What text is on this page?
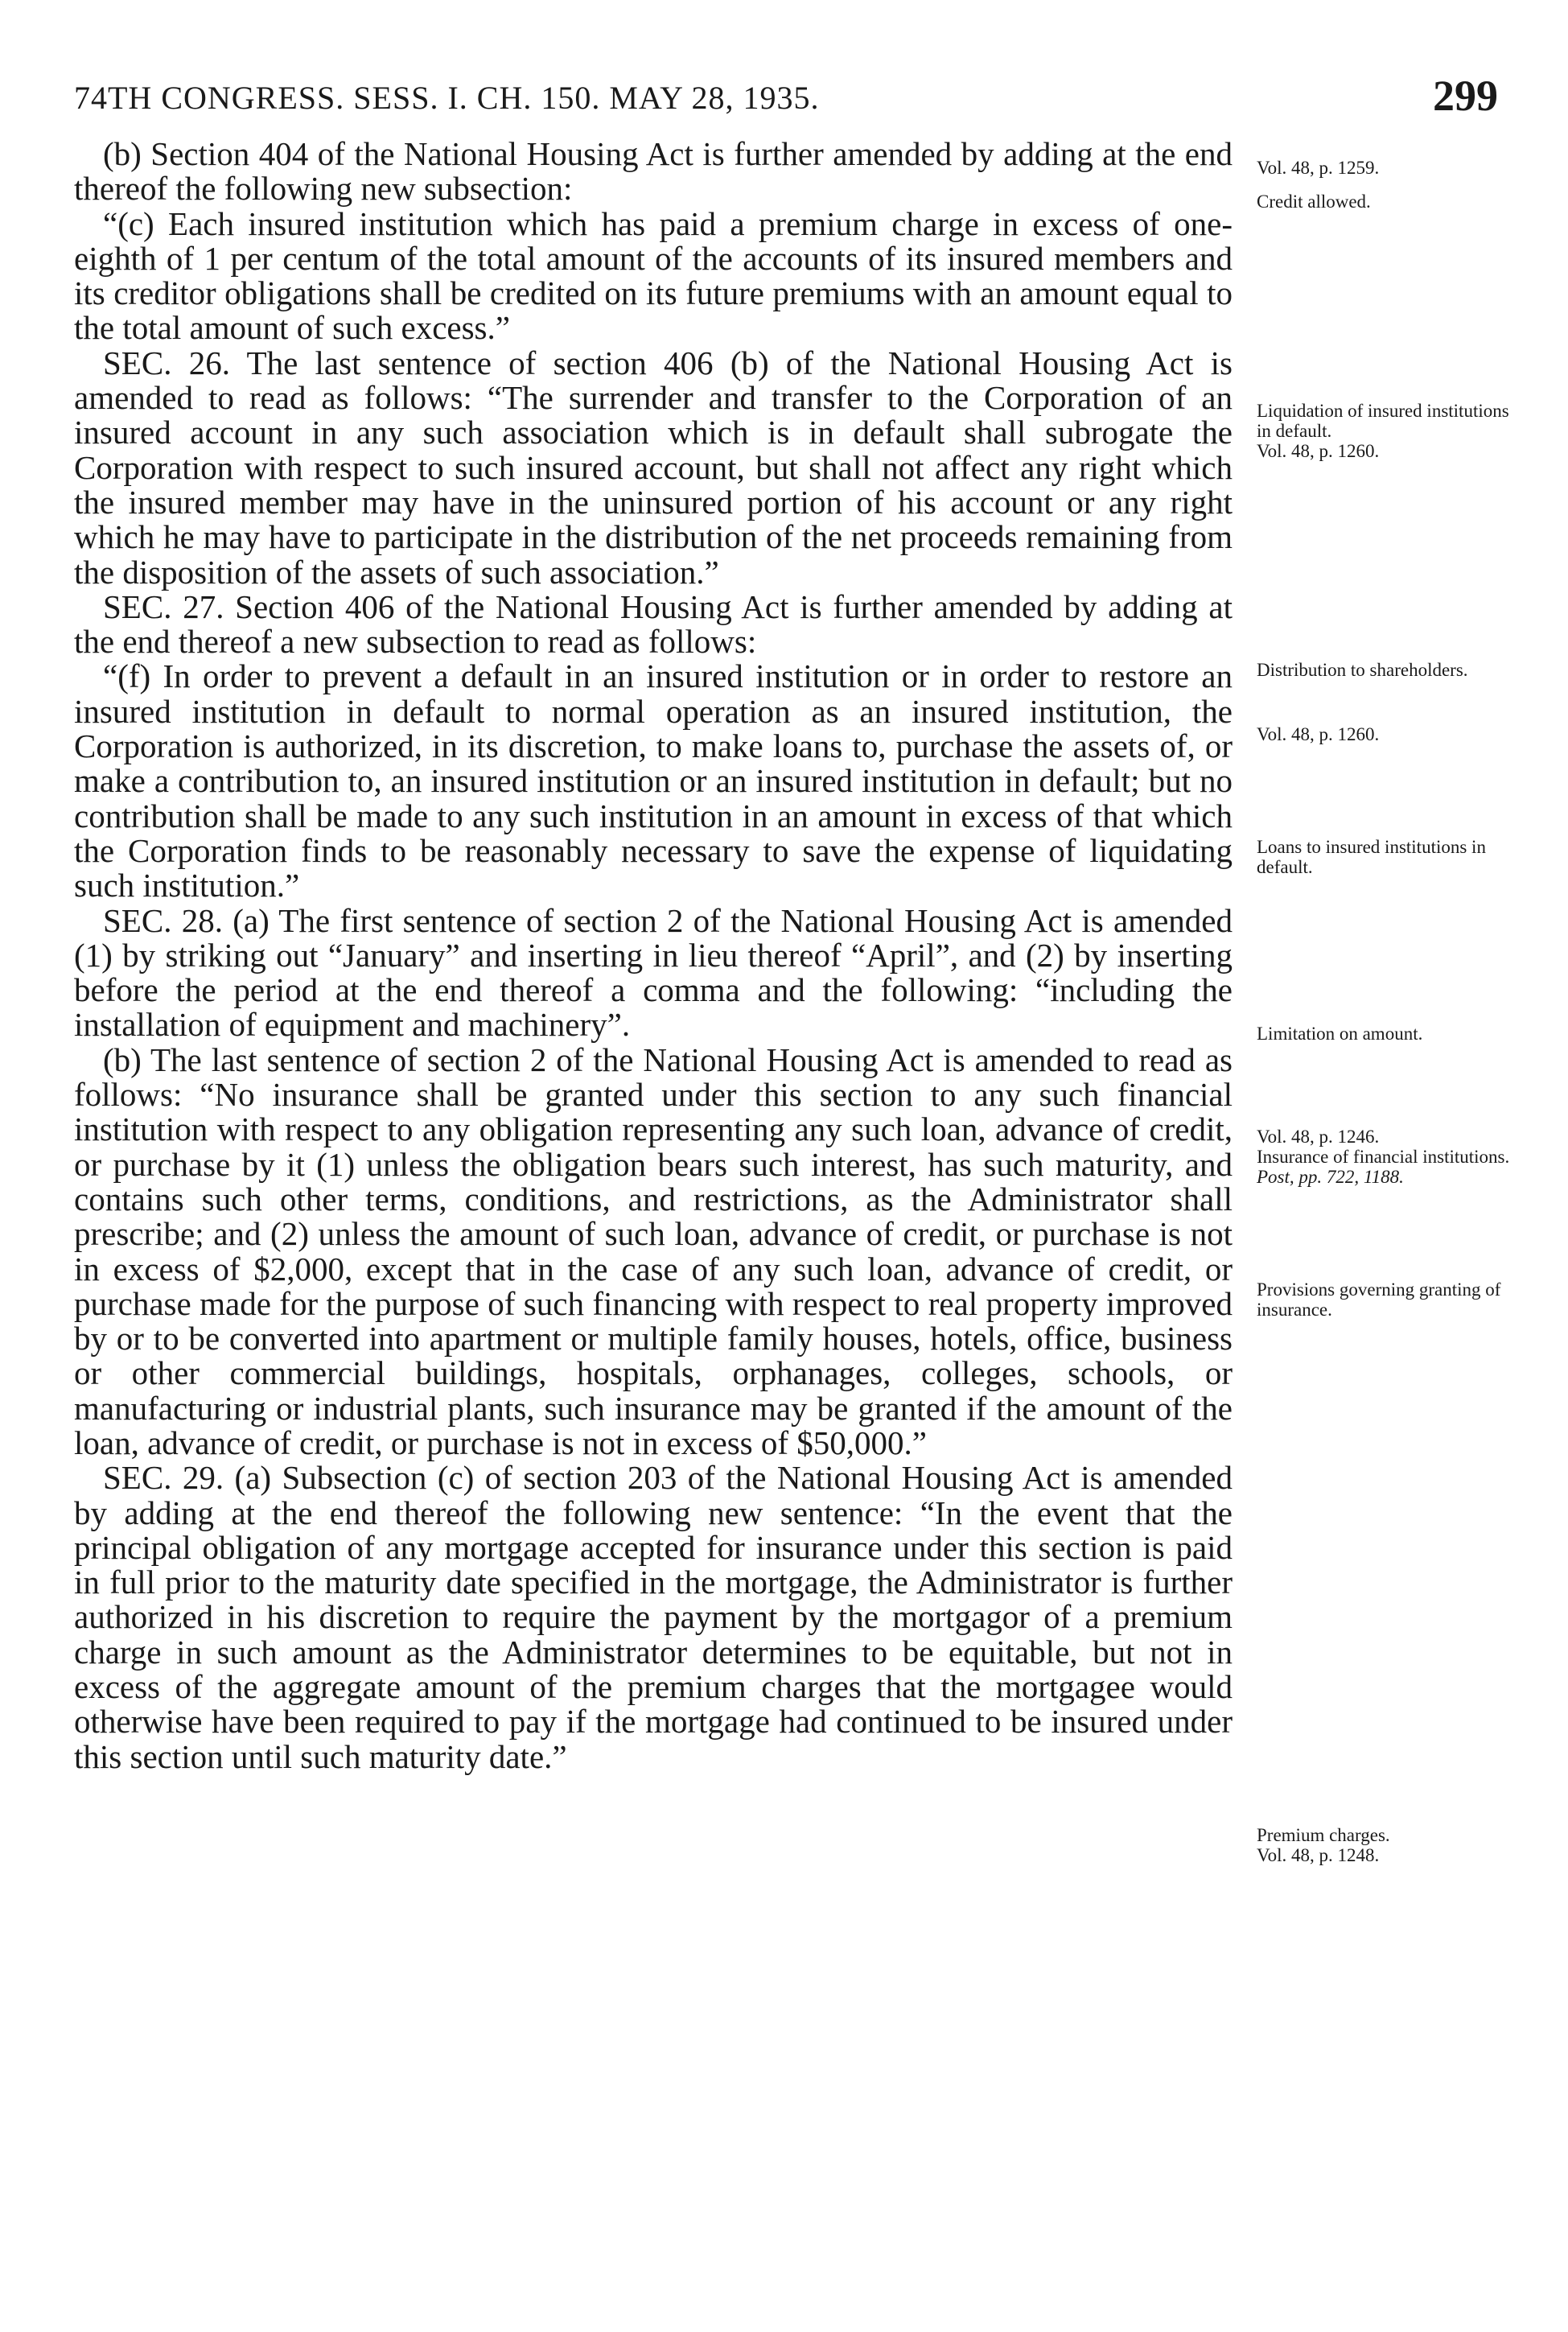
74TH CONGRESS. SESS. I. CH. 150. MAY 28, 1935.	299

(b) Section 404 of the National Housing Act is further amended by adding at the end thereof the following new subsection:

“(c) Each insured institution which has paid a premium charge in excess of one-eighth of 1 per centum of the total amount of the accounts of its insured members and its creditor obligations shall be credited on its future premiums with an amount equal to the total amount of such excess.”

SEC. 26. The last sentence of section 406 (b) of the National Housing Act is amended to read as follows: “The surrender and transfer to the Corporation of an insured account in any such association which is in default shall subrogate the Corporation with respect to such insured account, but shall not affect any right which the insured member may have in the uninsured portion of his account or any right which he may have to participate in the distribution of the net proceeds remaining from the disposition of the assets of such association.”

SEC. 27. Section 406 of the National Housing Act is further amended by adding at the end thereof a new subsection to read as follows:

“(f) In order to prevent a default in an insured institution or in order to restore an insured institution in default to normal operation as an insured institution, the Corporation is authorized, in its discretion, to make loans to, purchase the assets of, or make a contribution to, an insured institution or an insured institution in default; but no contribution shall be made to any such institution in an amount in excess of that which the Corporation finds to be reasonably necessary to save the expense of liquidating such institution.”

SEC. 28. (a) The first sentence of section 2 of the National Housing Act is amended (1) by striking out “January” and inserting in lieu thereof “April”, and (2) by inserting before the period at the end thereof a comma and the following: “including the installation of equipment and machinery”.

(b) The last sentence of section 2 of the National Housing Act is amended to read as follows: “No insurance shall be granted under this section to any such financial institution with respect to any obligation representing any such loan, advance of credit, or purchase by it (1) unless the obligation bears such interest, has such maturity, and contains such other terms, conditions, and restrictions, as the Administrator shall prescribe; and (2) unless the amount of such loan, advance of credit, or purchase is not in excess of $2,000, except that in the case of any such loan, advance of credit, or purchase made for the purpose of such financing with respect to real property improved by or to be converted into apartment or multiple family houses, hotels, office, business or other commercial buildings, hospitals, orphanages, colleges, schools, or manufacturing or industrial plants, such insurance may be granted if the amount of the loan, advance of credit, or purchase is not in excess of $50,000.”

SEC. 29. (a) Subsection (c) of section 203 of the National Housing Act is amended by adding at the end thereof the following new sentence: “In the event that the principal obligation of any mortgage accepted for insurance under this section is paid in full prior to the maturity date specified in the mortgage, the Administrator is further authorized in his discretion to require the payment by the mortgagor of a premium charge in such amount as the Administrator determines to be equitable, but not in excess of the aggregate amount of the premium charges that the mortgagee would otherwise have been required to pay if the mortgage had continued to be insured under this section until such maturity date.”

Vol. 48, p. 1259.
Credit allowed.
Liquidation of insured institutions in default.
Vol. 48, p. 1260.
Distribution to shareholders.
Vol. 48, p. 1260.
Loans to insured institutions in default.
Limitation on amount.
Vol. 48, p. 1246.
Insurance of financial institutions.
Post, pp. 722, 1188.
Provisions governing granting of insurance.
Premium charges.
Vol. 48, p. 1248.
